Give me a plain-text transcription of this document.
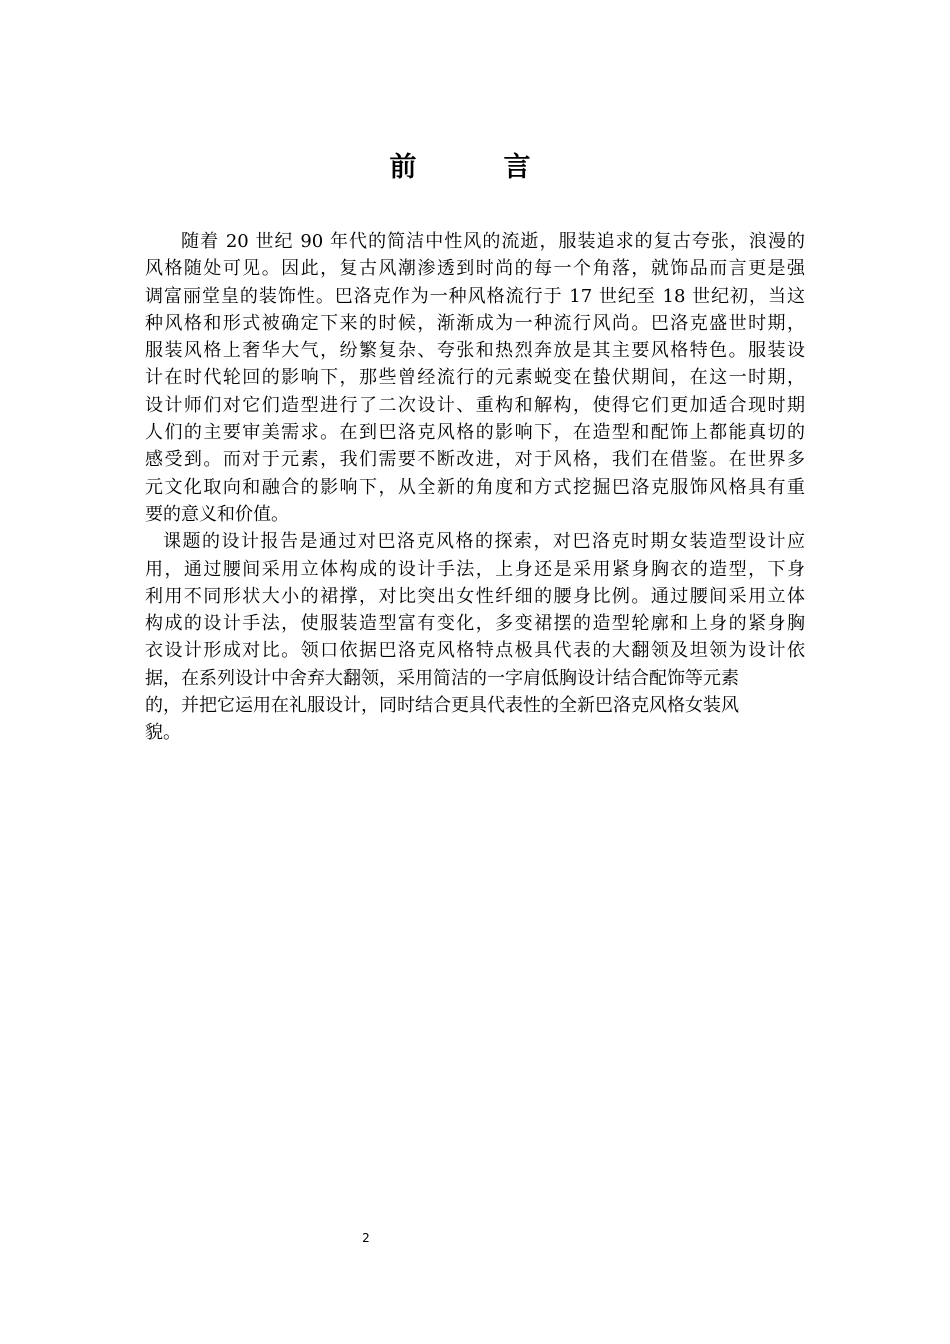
前　言
随着 20 世纪 90 年代的简洁中性风的流逝，服装追求的复古夸张，浪漫的
风格随处可见。因此，复古风潮渗透到时尚的每一个角落，就饰品而言更是强
调富丽堂皇的装饰性。巴洛克作为一种风格流行于 17 世纪至 18 世纪初，当这
种风格和形式被确定下来的时候，渐渐成为一种流行风尚。巴洛克盛世时期，
服装风格上奢华大气，纷繁复杂、夸张和热烈奔放是其主要风格特色。服装设
计在时代轮回的影响下，那些曾经流行的元素蜕变在蛰伏期间，在这一时期，
设计师们对它们造型进行了二次设计、重构和解构，使得它们更加适合现时期
人们的主要审美需求。在到巴洛克风格的影响下，在造型和配饰上都能真切的
感受到。而对于元素，我们需要不断改进，对于风格，我们在借鉴。在世界多
元文化取向和融合的影响下，从全新的角度和方式挖掘巴洛克服饰风格具有重
要的意义和价值。
课题的设计报告是通过对巴洛克风格的探索，对巴洛克时期女装造型设计应
用，通过腰间采用立体构成的设计手法，上身还是采用紧身胸衣的造型，下身
利用不同形状大小的裙撑，对比突出女性纤细的腰身比例。通过腰间采用立体
构成的设计手法，使服装造型富有变化，多变裙摆的造型轮廓和上身的紧身胸
衣设计形成对比。领口依据巴洛克风格特点极具代表的大翻领及坦领为设计依
据，在系列设计中舍弃大翻领，采用简洁的一字肩低胸设计结合配饰等元素
的，并把它运用在礼服设计，同时结合更具代表性的全新巴洛克风格女装风
貌。
2
